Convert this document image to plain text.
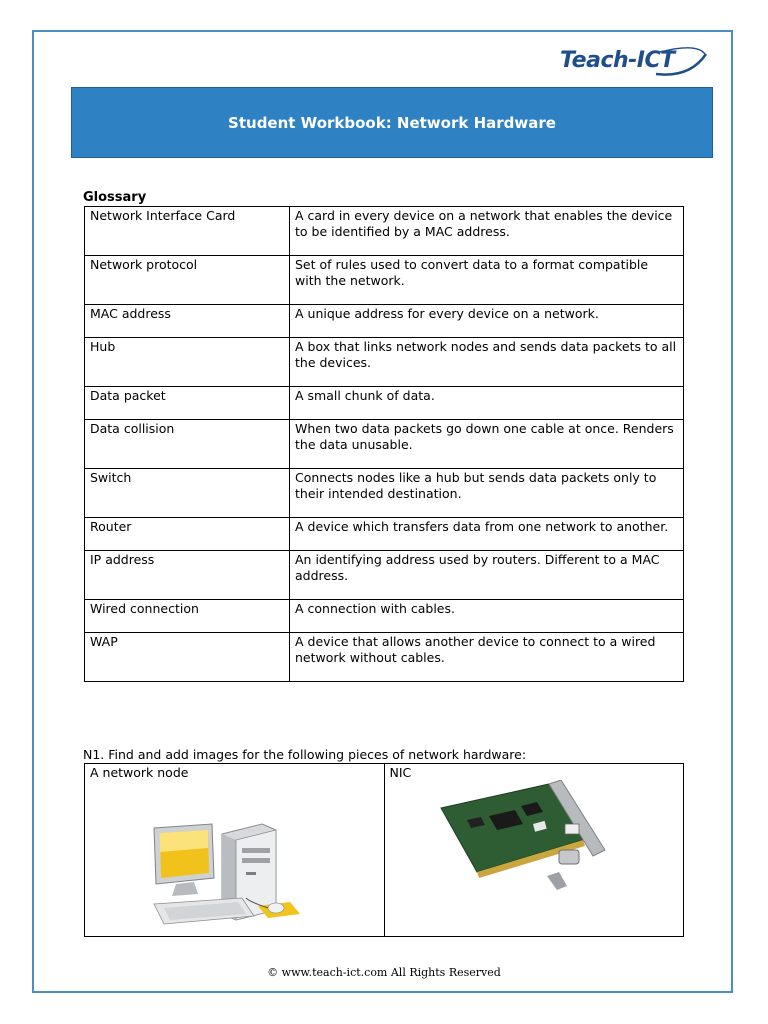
Teach-ICT
Student Workbook: Network Hardware
Glossary
Network Interface Card	A card in every device on a network that enables the device to be identified by a MAC address.
Network protocol	Set of rules used to convert data to a format compatible with the network.
MAC address	A unique address for every device on a network.
Hub	A box that links network nodes and sends data packets to all the devices.
Data packet	A small chunk of data.
Data collision	When two data packets go down one cable at once. Renders the data unusable.
Switch	Connects nodes like a hub but sends data packets only to their intended destination.
Router	A device which transfers data from one network to another.
IP address	An identifying address used by routers. Different to a MAC address.
Wired connection	A connection with cables.
WAP	A device that allows another device to connect to a wired network without cables.
N1. Find and add images for the following pieces of network hardware:
A network node	NIC
© www.teach-ict.com All Rights Reserved
